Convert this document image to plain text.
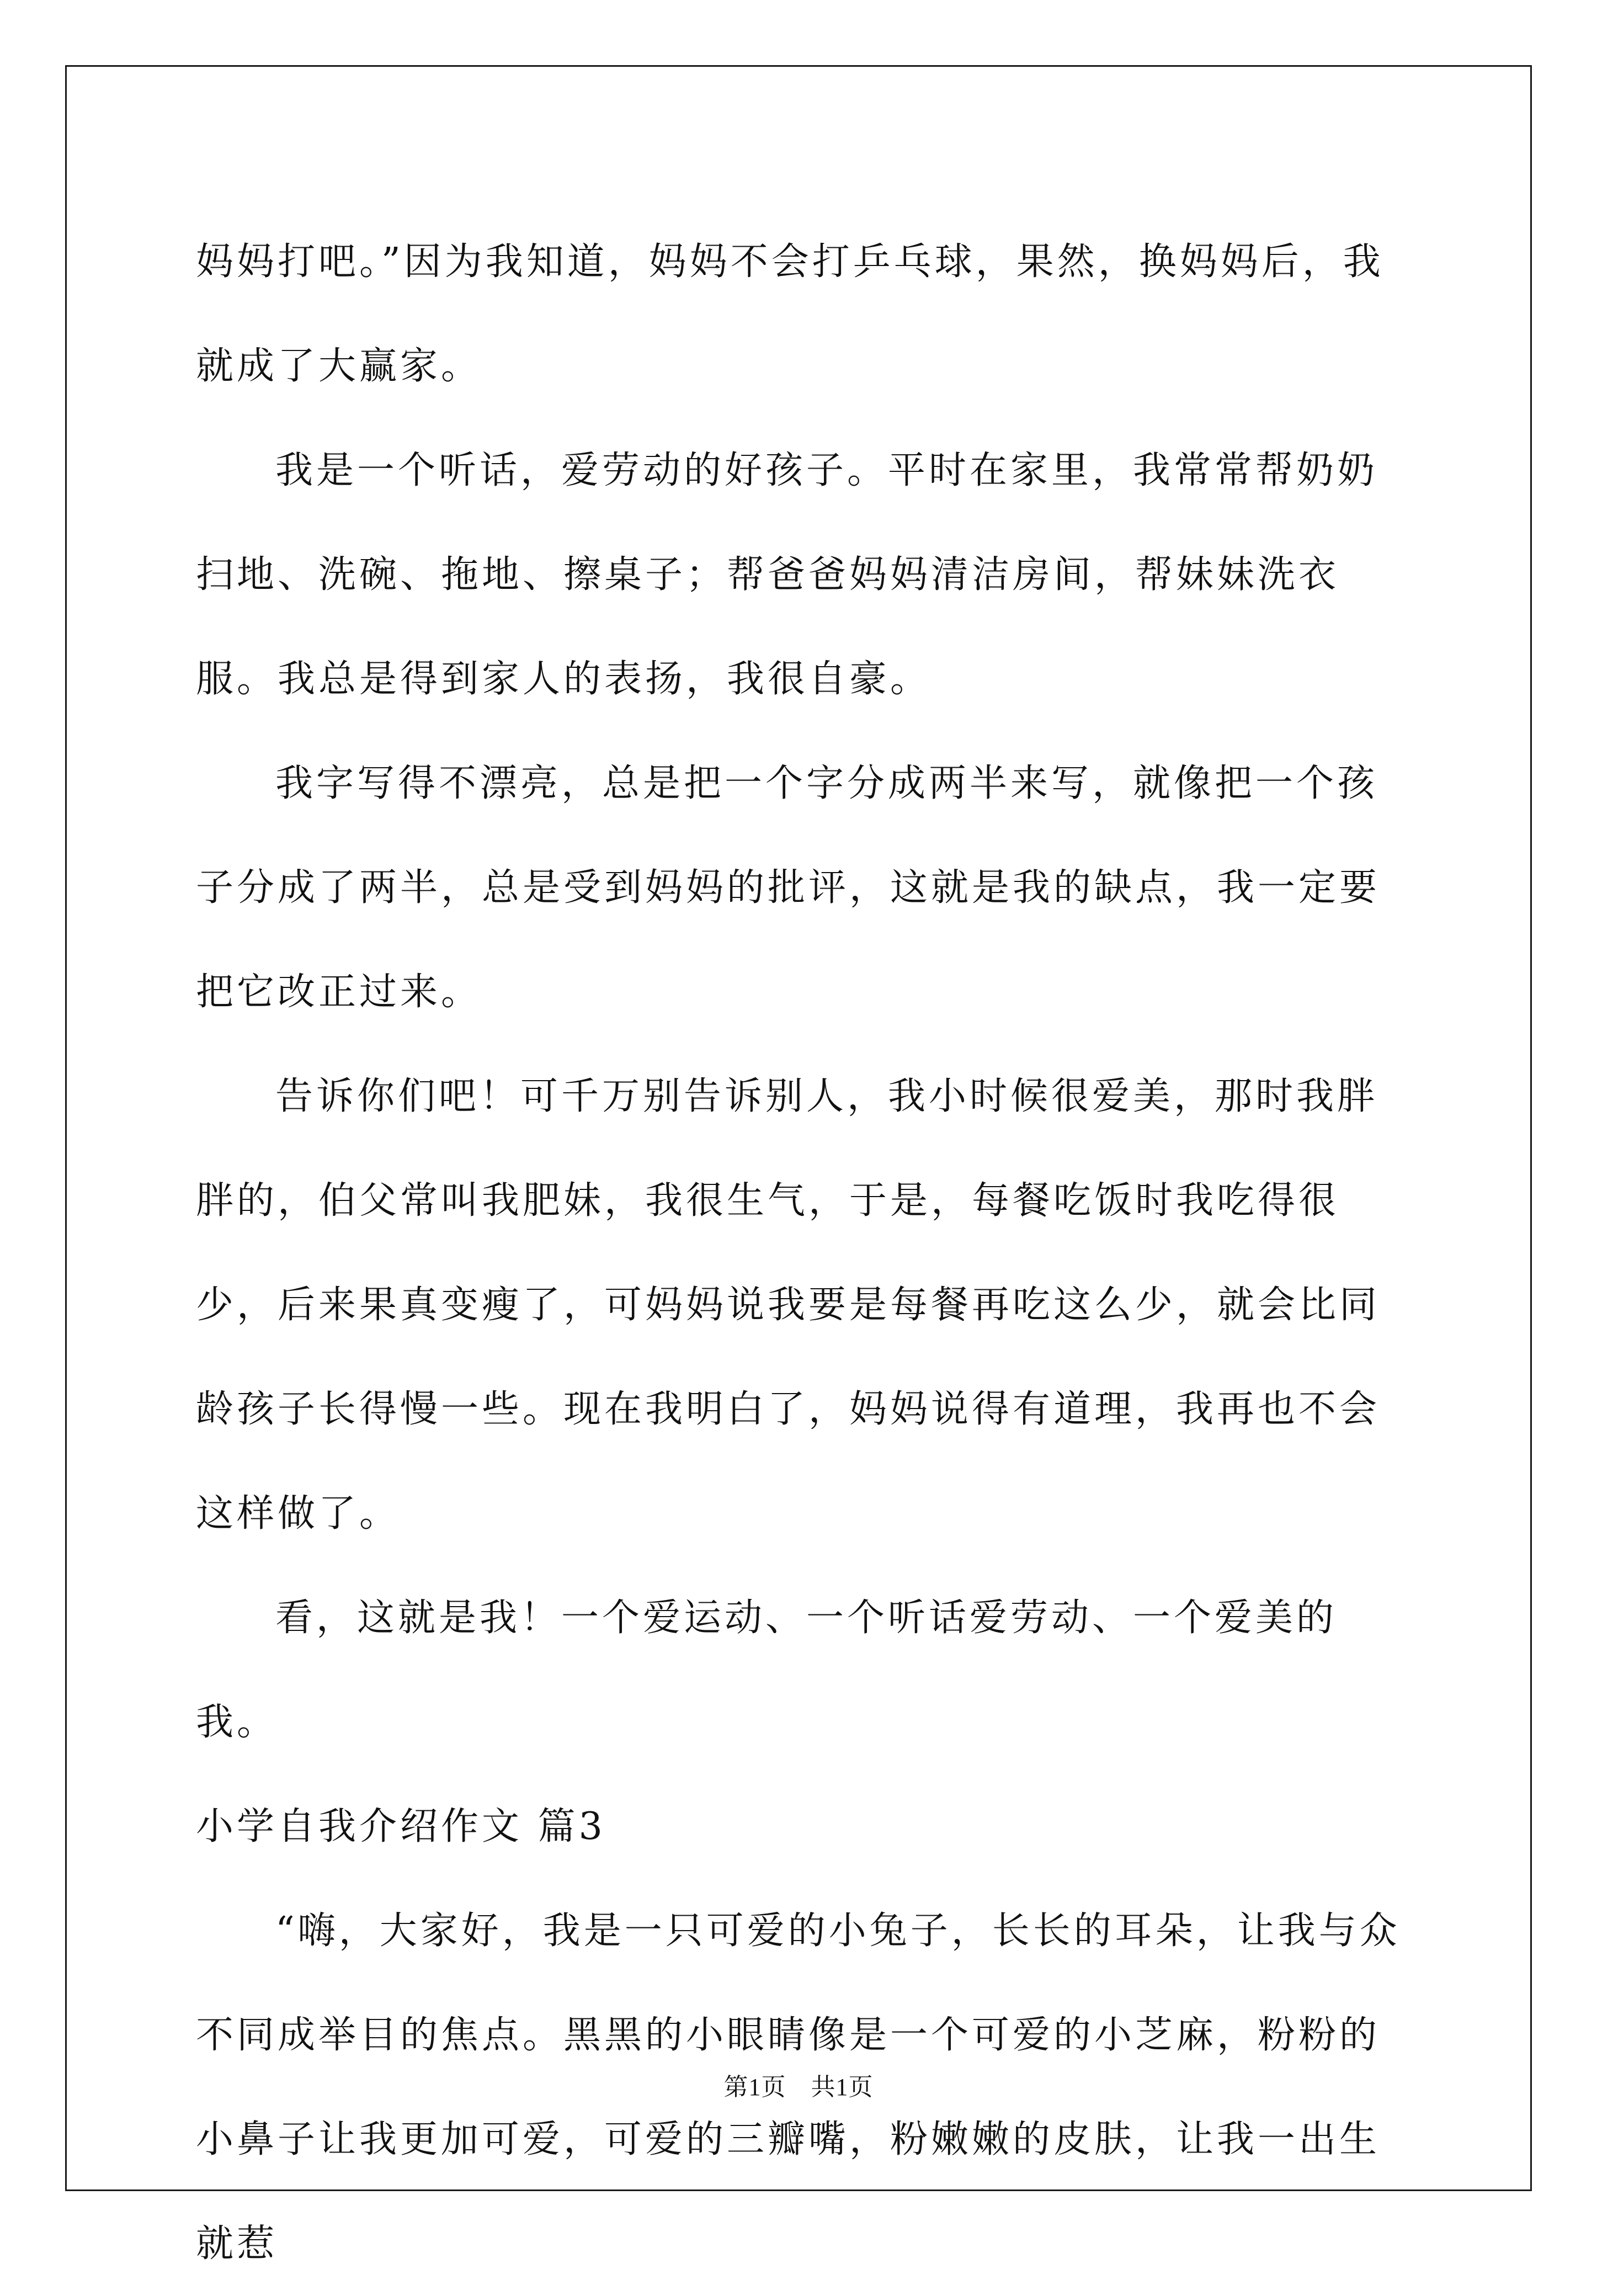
妈妈打吧。”因为我知道，妈妈不会打乒乓球，果然，换妈妈后，我就成了大赢家。

我是一个听话，爱劳动的好孩子。平时在家里，我常常帮奶奶扫地、洗碗、拖地、擦桌子；帮爸爸妈妈清洁房间，帮妹妹洗衣服。我总是得到家人的表扬，我很自豪。

我字写得不漂亮，总是把一个字分成两半来写，就像把一个孩子分成了两半，总是受到妈妈的批评，这就是我的缺点，我一定要把它改正过来。

告诉你们吧！可千万别告诉别人，我小时候很爱美，那时我胖胖的，伯父常叫我肥妹，我很生气，于是，每餐吃饭时我吃得很少，后来果真变瘦了，可妈妈说我要是每餐再吃这么少，就会比同龄孩子长得慢一些。现在我明白了，妈妈说得有道理，我再也不会这样做了。

看，这就是我！一个爱运动、一个听话爱劳动、一个爱美的我。

小学自我介绍作文 篇3

“嗨，大家好，我是一只可爱的小兔子，长长的耳朵，让我与众不同成举目的焦点。黑黑的小眼睛像是一个可爱的小芝麻，粉粉的小鼻子让我更加可爱，可爱的三瓣嘴，粉嫩嫩的皮肤，让我一出生就惹

第1页　共1页
